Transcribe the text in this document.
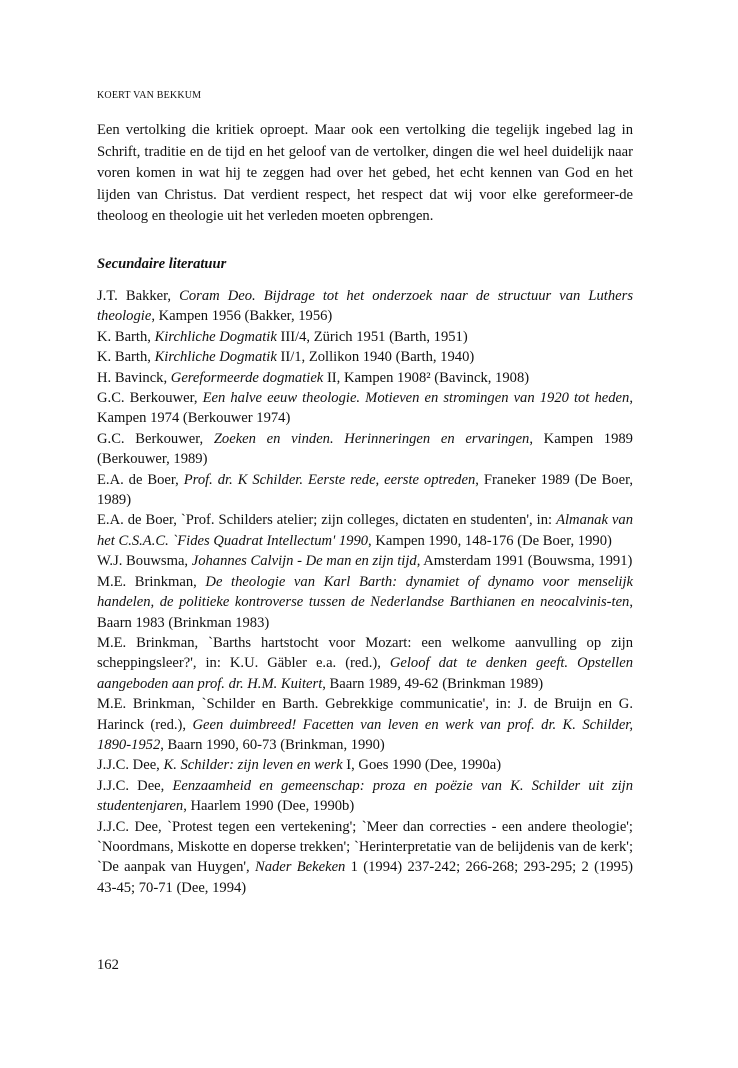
KOERT VAN BEKKUM

Een vertolking die kritiek oproept. Maar ook een vertolking die tegelijk ingebed lag in Schrift, traditie en de tijd en het geloof van de vertolker, dingen die wel heel duidelijk naar voren komen in wat hij te zeggen had over het gebed, het echt kennen van God en het lijden van Christus. Dat verdient respect, het respect dat wij voor elke gereformeer-de theoloog en theologie uit het verleden moeten opbrengen.

Secundaire literatuur
J.T. Bakker, Coram Deo. Bijdrage tot het onderzoek naar de structuur van Luthers theologie, Kampen 1956 (Bakker, 1956)
K. Barth, Kirchliche Dogmatik III/4, Zürich 1951 (Barth, 1951)
K. Barth, Kirchliche Dogmatik II/1, Zollikon 1940 (Barth, 1940)
H. Bavinck, Gereformeerde dogmatiek II, Kampen 1908² (Bavinck, 1908)
G.C. Berkouwer, Een halve eeuw theologie. Motieven en stromingen van 1920 tot heden, Kampen 1974 (Berkouwer 1974)
G.C. Berkouwer, Zoeken en vinden. Herinneringen en ervaringen, Kampen 1989 (Berkouwer, 1989)
E.A. de Boer, Prof. dr. K Schilder. Eerste rede, eerste optreden, Franeker 1989 (De Boer, 1989)
E.A. de Boer, `Prof. Schilders atelier; zijn colleges, dictaten en studenten', in: Almanak van het C.S.A.C. `Fides Quadrat Intellectum' 1990, Kampen 1990, 148-176 (De Boer, 1990)
W.J. Bouwsma, Johannes Calvijn - De man en zijn tijd, Amsterdam 1991 (Bouwsma, 1991)
M.E. Brinkman, De theologie van Karl Barth: dynamiet of dynamo voor menselijk handelen, de politieke kontroverse tussen de Nederlandse Barthianen en neocalvinis-ten, Baarn 1983 (Brinkman 1983)
M.E. Brinkman, `Barths hartstocht voor Mozart: een welkome aanvulling op zijn scheppingsleer?', in: K.U. Gäbler e.a. (red.), Geloof dat te denken geeft. Opstellen aangeboden aan prof. dr. H.M. Kuitert, Baarn 1989, 49-62 (Brinkman 1989)
M.E. Brinkman, `Schilder en Barth. Gebrekkige communicatie', in: J. de Bruijn en G. Harinck (red.), Geen duimbreed! Facetten van leven en werk van prof. dr. K. Schilder, 1890-1952, Baarn 1990, 60-73 (Brinkman, 1990)
J.J.C. Dee, K. Schilder: zijn leven en werk I, Goes 1990 (Dee, 1990a)
J.J.C. Dee, Eenzaamheid en gemeenschap: proza en poëzie van K. Schilder uit zijn studentenjaren, Haarlem 1990 (Dee, 1990b)
J.J.C. Dee, `Protest tegen een vertekening'; `Meer dan correcties - een andere theologie'; `Noordmans, Miskotte en doperse trekken'; `Herinterpretatie van de belijdenis van de kerk'; `De aanpak van Huygen', Nader Bekeken 1 (1994) 237-242; 266-268; 293-295; 2 (1995) 43-45; 70-71 (Dee, 1994)
162
